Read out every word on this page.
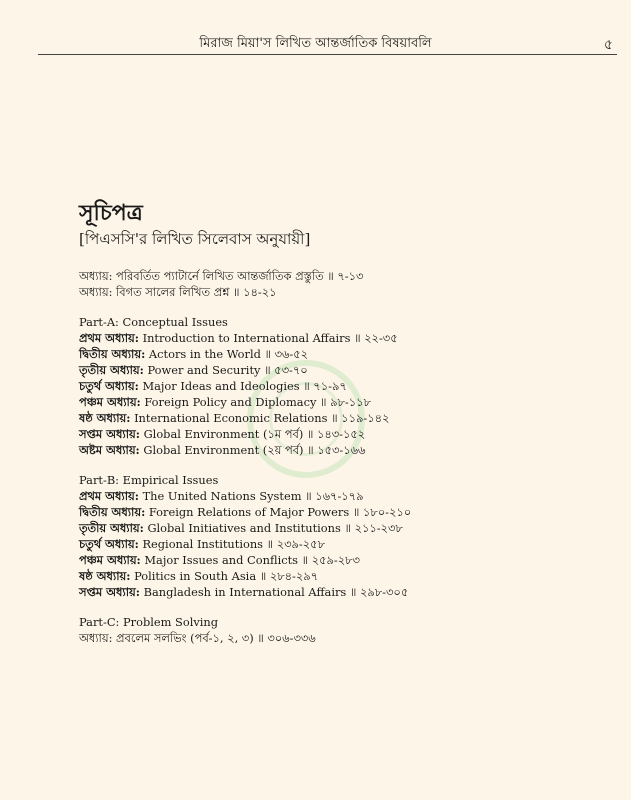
মিরাজ মিয়া'স লিখিত আন্তর্জাতিক বিষয়াবলি	৫
সূচিপত্র
[পিএসসি'র লিখিত সিলেবাস অনুযায়ী]
অধ্যায়: পরিবর্তিত প্যাটার্নে লিখিত আন্তর্জাতিক প্রস্তুতি ॥ ৭-১৩
অধ্যায়: বিগত সালের লিখিত প্রশ্ন ॥ ১৪-২১
Part-A: Conceptual Issues
প্রথম অধ্যায়: Introduction to International Affairs ॥ ২২-৩৫
দ্বিতীয় অধ্যায়: Actors in the World ॥ ৩৬-৫২
তৃতীয় অধ্যায়: Power and Security ॥ ৫৩-৭০
চতুর্থ অধ্যায়: Major Ideas and Ideologies ॥ ৭১-৯৭
পঞ্চম অধ্যায়: Foreign Policy and Diplomacy ॥ ৯৮-১১৮
ষষ্ঠ অধ্যায়: International Economic Relations ॥ ১১৯-১৪২
সপ্তম অধ্যায়: Global Environment (১ম পর্ব) ॥ ১৪৩-১৫২
অষ্টম অধ্যায়: Global Environment (২য় পর্ব) ॥ ১৫৩-১৬৬
Part-B: Empirical Issues
প্রথম অধ্যায়: The United Nations System ॥ ১৬৭-১৭৯
দ্বিতীয় অধ্যায়: Foreign Relations of Major Powers ॥ ১৮০-২১০
তৃতীয় অধ্যায়: Global Initiatives and Institutions ॥ ২১১-২৩৮
চতুর্থ অধ্যায়: Regional Institutions ॥ ২৩৯-২৫৮
পঞ্চম অধ্যায়: Major Issues and Conflicts ॥ ২৫৯-২৮৩
ষষ্ঠ অধ্যায়: Politics in South Asia ॥ ২৮৪-২৯৭
সপ্তম অধ্যায়: Bangladesh in International Affairs ॥ ২৯৮-৩০৫
Part-C: Problem Solving
অধ্যায়: প্রবলেম সলভিং (পর্ব-১, ২, ৩) ॥ ৩০৬-৩৩৬
